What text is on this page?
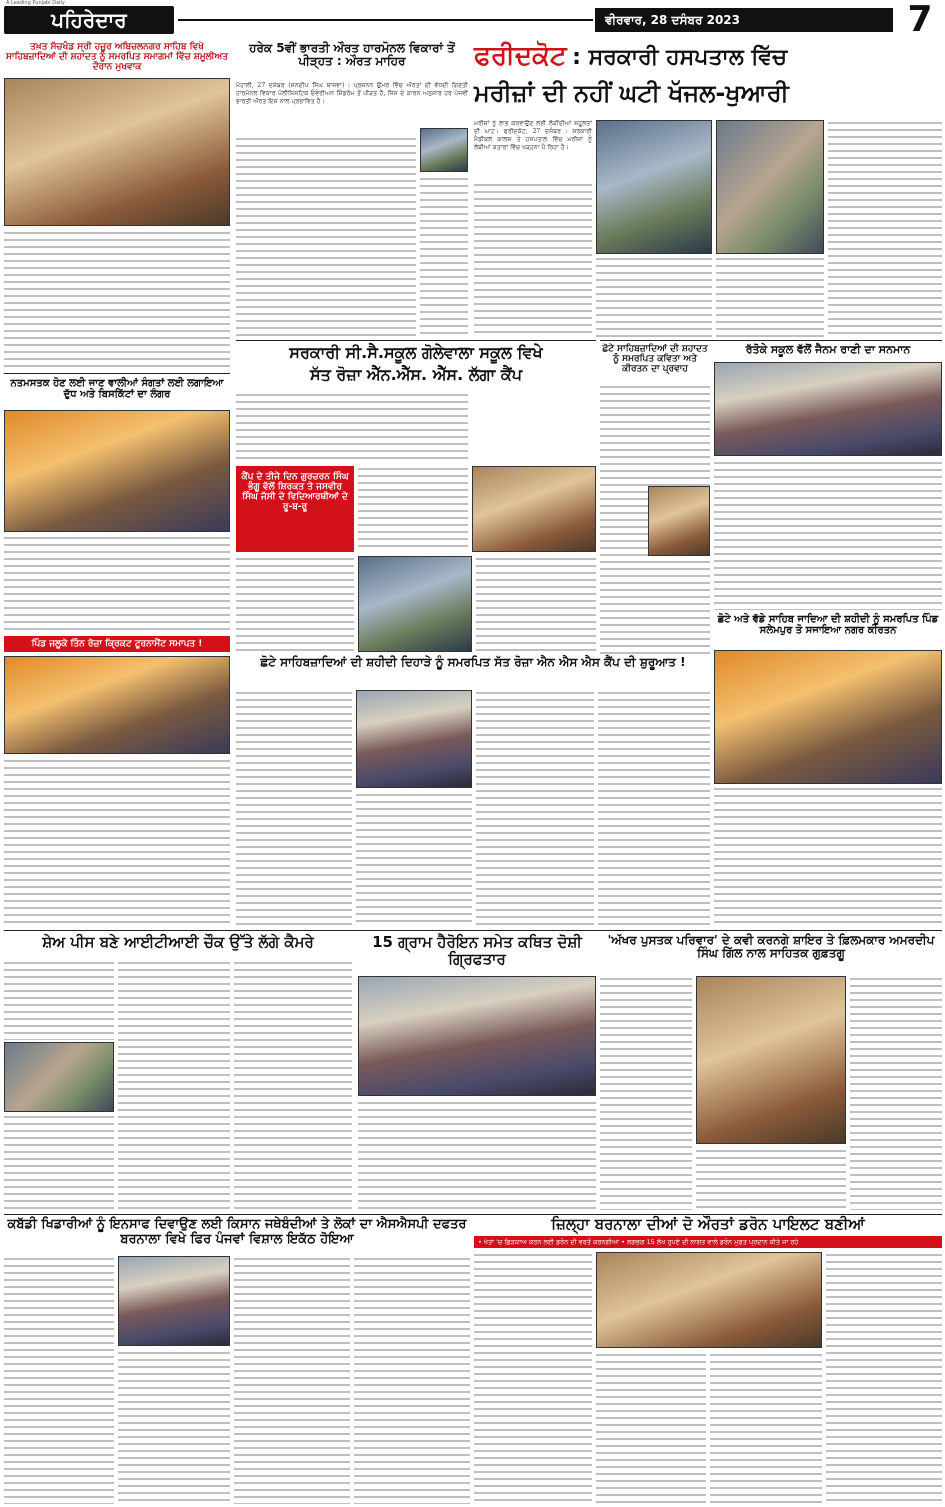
ਪਹਿਰੇਦਾਰ
A Leading Punjabi Daily
ਵੀਰਵਾਰ, 28 ਦਸੰਬਰ 2023	7
ਤਖ਼ਤ ਸੱਚਖੰਡ ਸ੍ਰੀ ਹਜ਼ੂਰ ਅਬਿਚਲਨਗਰ ਸਾਹਿਬ ਵਿਖੇ ਸਾਹਿਬਜ਼ਾਦਿਆਂ ਦੀ ਸ਼ਹਾਦਤ ਨੂੰ ਸਮਰਪਿਤ ਸਮਾਗਮਾਂ ਵਿੱਚ ਸ਼ਮੂਲੀਅਤ ਦੌਰਾਨ ਮੁਖਵਾਕ
ਨਤਮਸਤਕ ਹੋਣ ਲਈ ਜਾਣ ਵਾਲੀਆਂ ਸੰਗਤਾਂ ਲਈ ਲਗਾਇਆ ਦੁੱਧ ਅਤੇ ਬਿਸਕਿੱਟਾਂ ਦਾ ਲੰਗਰ
ਪਿੰਡ ਜਲੂਕੇ ਤਿੰਨ ਰੋਜ਼ਾ ਕ੍ਰਿਕਟ ਟੂਰਨਾਮੈਂਟ ਸਮਾਪਤ !
ਹਰੇਕ 5ਵੀਂ ਭਾਰਤੀ ਔਰਤ ਹਾਰਮੋਨਲ ਵਿਕਾਰਾਂ ਤੋਂ ਪੀੜ੍ਹਤ : ਔਰਤ ਮਾਹਿਰ
ਮੋਹਾਲੀ, 27 ਦਸੰਬਰ (ਸਨਦੀਪ ਸਿੰਘ ਬਾਜਵਾ) : ਪ੍ਰਜਨਨ ਉਮਰ ਵਿੱਚ ਔਰਤਾਂ ਦੀ ਵੱਧਦੀ ਗਿਣਤੀ ਹਾਰਮੋਨਲ ਵਿਕਾਰ ਪੋਲੀਸਿਸਟਿਕ ਓਵੇਰੀਅਨ ਸਿੰਡਰੋਮ ਤੋਂ ਪੀੜਤ ਹੈ, ਜਿਸ ਦੇ ਕਾਰਨ ਅਨੁਸਾਰ ਹਰ ਪੰਜਵੀਂ ਭਾਰਤੀ ਔਰਤ ਇਸ ਨਾਲ ਪ੍ਰਭਾਵਿਤ ਹੈ।
ਫਰੀਦਕੋਟ : ਸਰਕਾਰੀ ਹਸਪਤਾਲ ਵਿੱਚ
ਮਰੀਜ਼ਾਂ ਦੀ ਨਹੀਂ ਘਟੀ ਖੱਜਲ-ਖੁਆਰੀ
ਮਰੀਜ਼ਾਂ ਨੂੰ ਲਾਭ ਕਰਵਾਉਣ ਲਈ ਲੋੜੀਂਦੀਆਂ ਸਹੂਲਤਾਂ ਦੀ ਘਾਟ। ਫਰੀਦਕੋਟ, 27 ਦਸੰਬਰ : ਸਰਕਾਰੀ ਮੈਡੀਕਲ ਕਾਲਜ ਤੇ ਹਸਪਤਾਲ ਵਿੱਚ ਮਰੀਜ਼ਾਂ ਨੂੰ ਲੰਬੀਆਂ ਕਤਾਰਾਂ ਵਿੱਚ ਖੜ੍ਹਨਾ ਪੈ ਰਿਹਾ ਹੈ।
ਸਰਕਾਰੀ ਸੀ.ਸੈ.ਸਕੂਲ ਗੋਲੇਵਾਲਾ ਸਕੂਲ ਵਿਖੇ
ਸੱਤ ਰੋਜ਼ਾ ਐੱਨ.ਐੱਸ. ਐੱਸ. ਲੱਗਾ ਕੈਂਪ
ਕੈਂਪ ਦੇ ਤੀਜੇ ਦਿਨ ਗੁਰਚਰਨ ਸਿੰਘ ਭੰਗੂ ਵੱਲੋਂ ਸ਼ਿਰਕਤ ਤੇ ਜਸਵੀਰ ਸਿੰਘ ਜੱਸੀ ਦੇ ਵਿਦਿਆਰਥੀਆਂ ਦੇ ਰੂ-ਬ-ਰੂ
ਛੋਟੇ ਸਾਹਿਬਜ਼ਾਦਿਆਂ ਦੀ ਸ਼ਹਾਦਤ ਨੂੰ ਸਮਰਪਿਤ ਕਵਿਤਾ ਅਤੇ ਕੀਰਤਨ ਦਾ ਪ੍ਰਵਾਹ
ਰੱਤੋਕੇ ਸਕੂਲ ਵੱਲੋਂ ਜੈਨਮ ਰਾਣੀ ਦਾ ਸਨਮਾਨ
ਛੋਟੇ ਅਤੇ ਵੱਡੇ ਸਾਹਿਬ ਜਾਦਿਆ ਦੀ ਸ਼ਹੀਦੀ ਨੂੰ ਸਮਰਪਿਤ ਪਿੰਡ ਸਲੇਮਪੁਰ ਤੋ ਸਜਾਇਆ ਨਗਰ ਕੀਰਤਨ
ਛੋਟੇ ਸਾਹਿਬਜ਼ਾਦਿਆਂ ਦੀ ਸ਼ਹੀਦੀ ਦਿਹਾੜੇ ਨੂੰ ਸਮਰਪਿਤ ਸੱਤ ਰੋਜ਼ਾ ਐਨ ਐਸ ਐਸ ਕੈਂਪ ਦੀ ਸ਼ੁਰੂਆਤ !
ਸ਼ੇਅ ਪੀਸ ਬਣੇ ਆਈਟੀਆਈ ਚੌਕ ਉੱਤੇ ਲੱਗੇ ਕੈਮਰੇ	15 ਗ੍ਰਾਮ ਹੈਰੋਇਨ ਸਮੇਤ ਕਥਿਤ ਦੋਸ਼ੀ ਗ੍ਰਿਫਤਾਰ
'ਅੱਖਰ ਪੁਸਤਕ ਪਰਿਵਾਰ' ਦੇ ਕਵੀ ਕਰਨਗੇ ਸ਼ਾਇਰ ਤੇ ਫ਼ਿਲਮਕਾਰ ਅਮਰਦੀਪ ਸਿੰਘ ਗਿੱਲ ਨਾਲ ਸਾਹਿਤਕ ਗੁਫ਼ਤਗੂ
ਕਬੱਡੀ ਖਿਡਾਰੀਆਂ ਨੂੰ ਇਨਸਾਫ ਦਿਵਾਉਣ ਲਈ ਕਿਸਾਨ ਜਥੇਬੰਦੀਆਂ ਤੇ ਲੋਕਾਂ ਦਾ ਐਸਐਸਪੀ ਦਫਤਰ ਬਰਨਾਲਾ ਵਿਖੇ ਫਿਰ ਪੰਜਵਾਂ ਵਿਸ਼ਾਲ ਇਕੱਠ ਹੋਇਆ
ਜ਼ਿਲ੍ਹਾ ਬਰਨਾਲਾ ਦੀਆਂ ਦੋ ਔਰਤਾਂ ਡਰੋਨ ਪਾਇਲਟ ਬਣੀਆਂ
• ਖੇਤਾਂ 'ਚ ਛਿੜਕਾਅ ਕਰਨ ਲਈ ਡਰੋਨ ਦੀ ਵਰਤੋਂ ਕਰਨਗੀਆਂ • ਲਗਭਗ 15 ਲੱਖ ਰੁਪਏ ਦੀ ਲਾਗਤ ਵਾਲੇ ਡਰੋਨ ਮੁਫ਼ਤ ਪ੍ਰਦਾਨ ਕੀਤੇ ਜਾ ਰਹੇ
